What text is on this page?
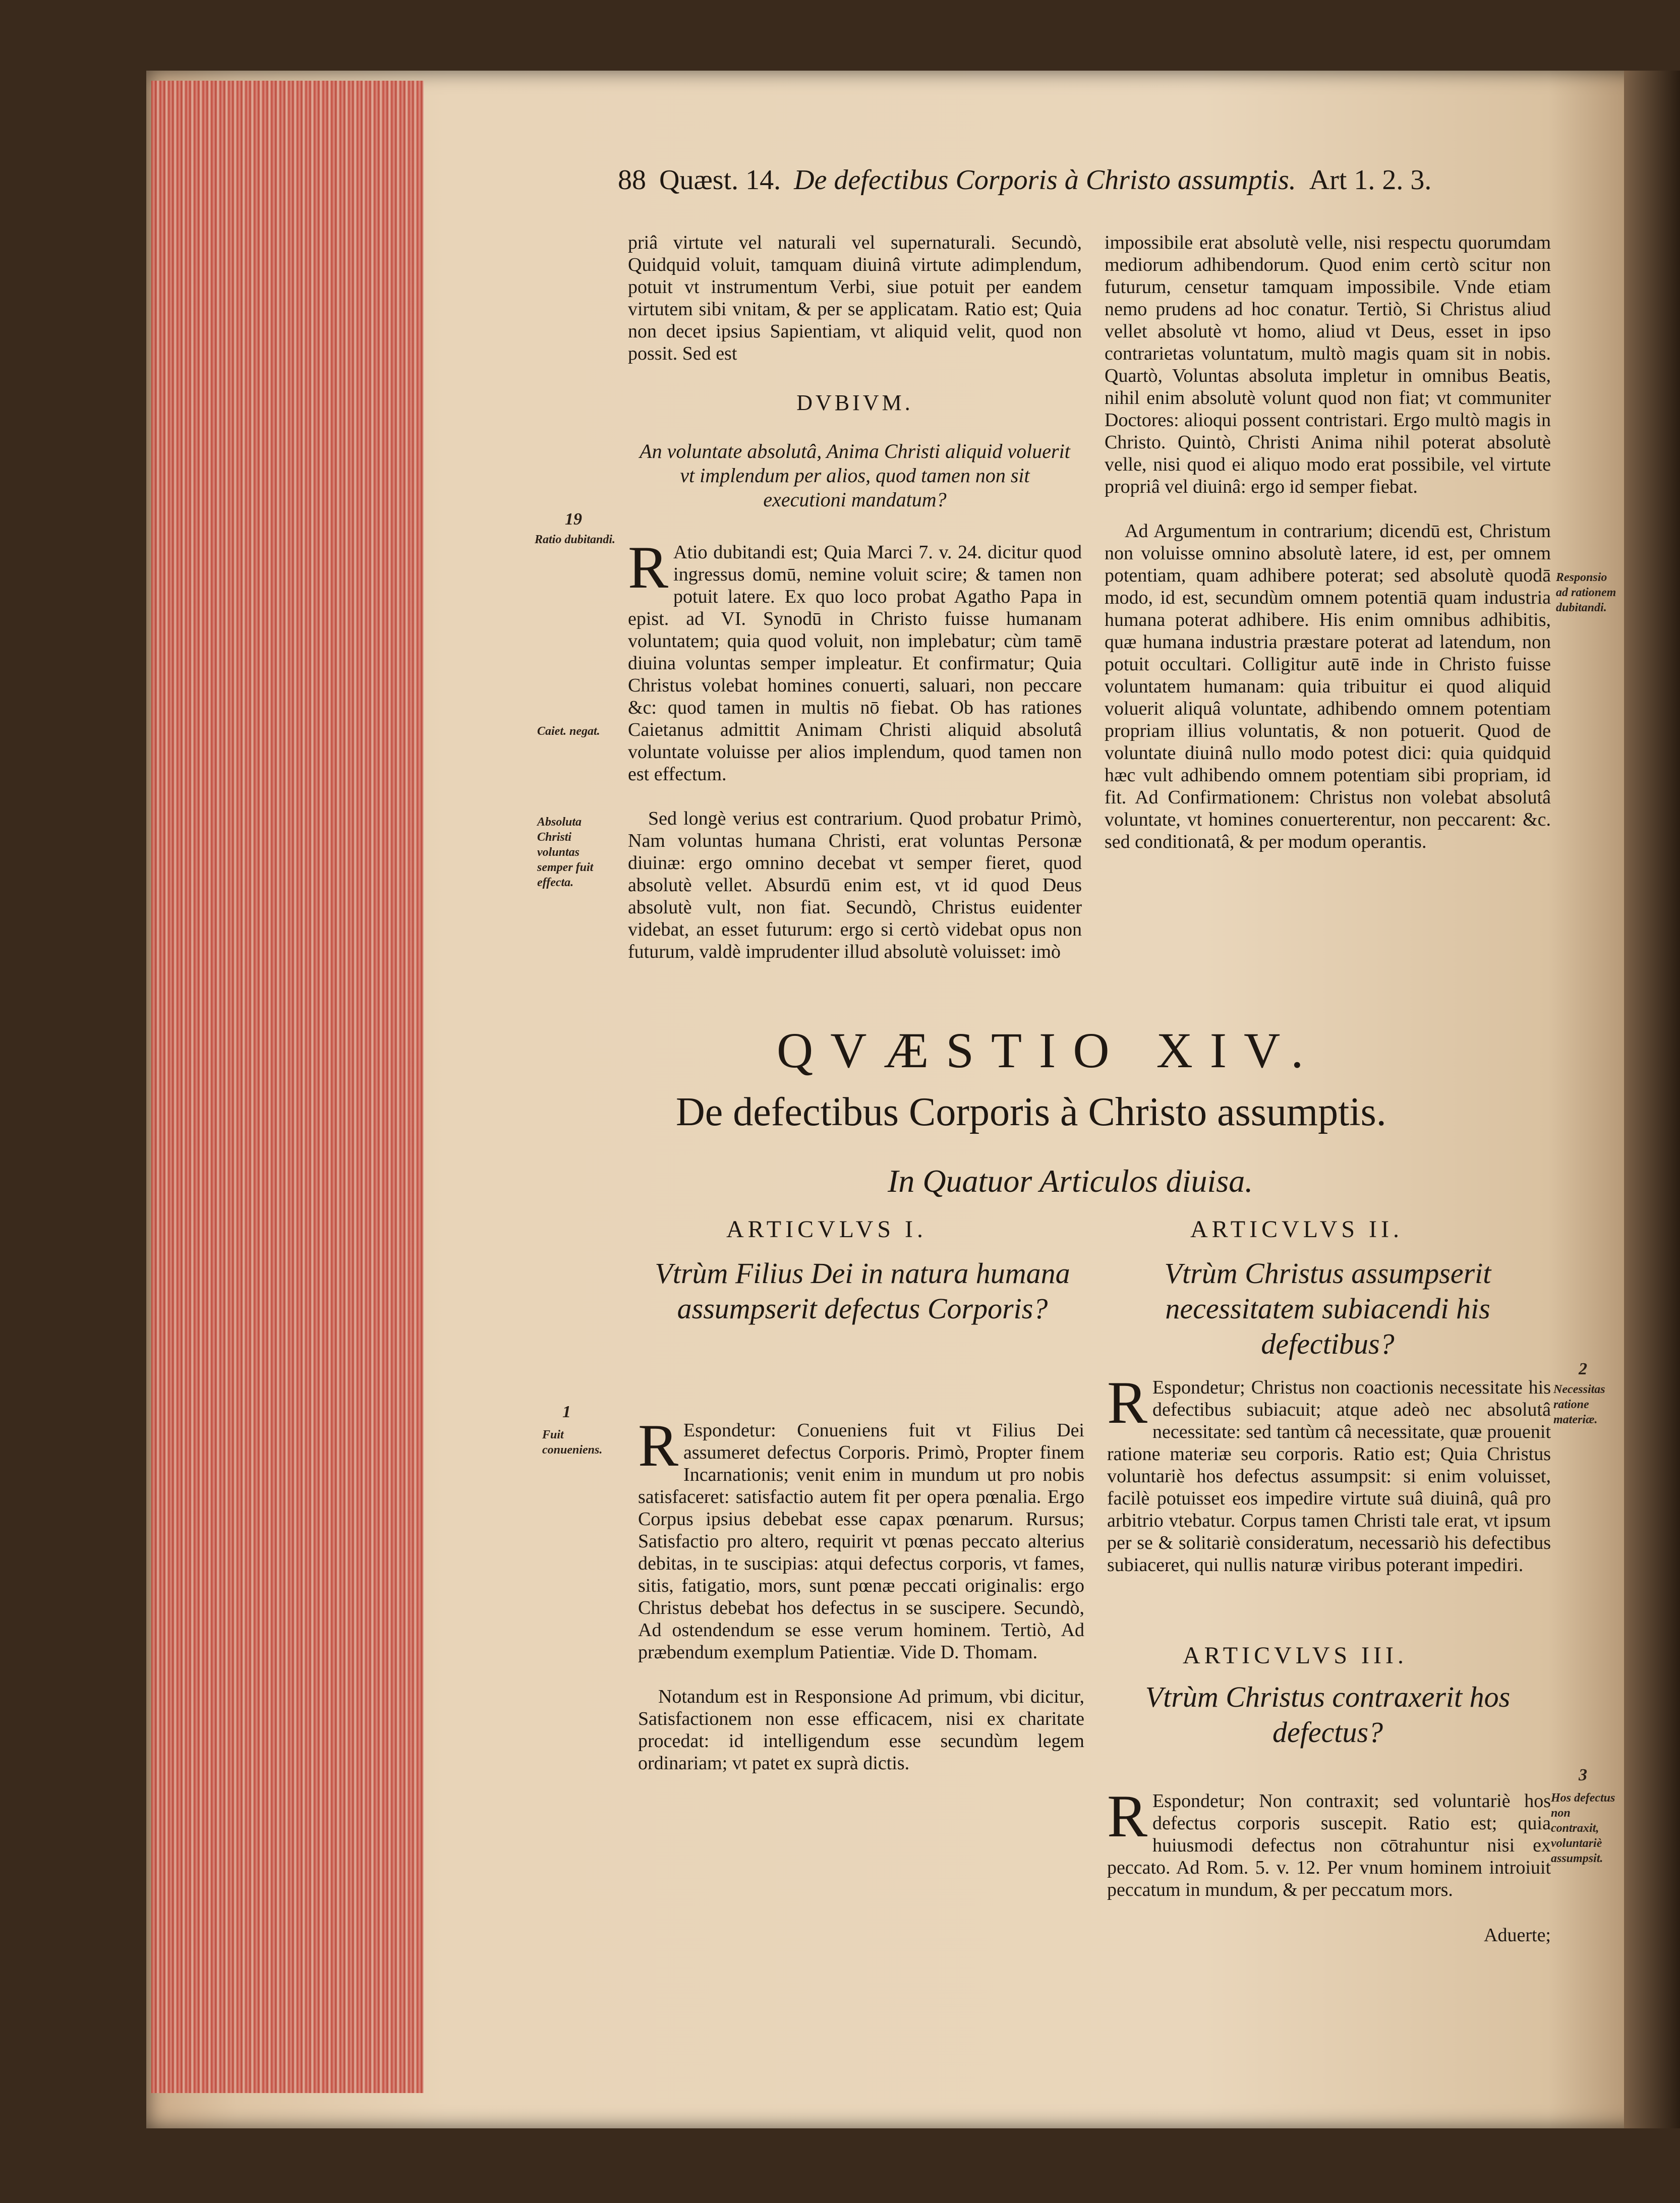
88 Quæst. 14. De defectibus Corporis à Christo assumptis. Art 1. 2. 3.

priâ virtute vel naturali vel supernaturali. Secundò, Quidquid voluit, tamquam diuinâ virtute adimplendum, potuit vt instrumentum Verbi, siue potuit per eandem virtutem sibi vnitam, & per se applicatam. Ratio est; Quia non decet ipsius Sapientiam, vt aliquid velit, quod non possit. Sed est

DVBIVM.

An voluntate absolutâ, Anima Christi aliquid voluerit vt implendum per alios, quod tamen non sit executioni mandatum?

R Atio dubitandi est; Quia Marci 7. v. 24. dicitur quod ingressus domū, nemine voluit scire; & tamen non potuit latere. Ex quo loco probat Agatho Papa in epist. ad VI. Synodū in Christo fuisse humanam voluntatem; quia quod voluit, non implebatur; cùm tamē diuina voluntas semper impleatur. Et confirmatur; Quia Christus volebat homines conuerti, saluari, non peccare &c: quod tamen in multis nō fiebat. Ob has rationes Caietanus admittit Animam Christi aliquid absolutâ voluntate voluisse per alios implendum, quod tamen non est effectum.

Sed longè verius est contrarium. Quod probatur Primò, Nam voluntas humana Christi, erat voluntas Personæ diuinæ: ergo omnino decebat vt semper fieret, quod absolutè vellet. Absurdū enim est, vt id quod Deus absolutè vult, non fiat. Secundò, Christus euidenter videbat, an esset futurum: ergo si certò videbat opus non futurum, valdè imprudenter illud absolutè voluisset: imò

impossibile erat absolutè velle, nisi respectu quorumdam mediorum adhibendorum. Quod enim certò scitur non futurum, censetur tamquam impossibile. Vnde etiam nemo prudens ad hoc conatur. Tertiò, Si Christus aliud vellet absolutè vt homo, aliud vt Deus, esset in ipso contrarietas voluntatum, multò magis quam sit in nobis. Quartò, Voluntas absoluta impletur in omnibus Beatis, nihil enim absolutè volunt quod non fiat; vt communiter Doctores: alioqui possent contristari. Ergo multò magis in Christo. Quintò, Christi Anima nihil poterat absolutè velle, nisi quod ei aliquo modo erat possibile, vel virtute propriâ vel diuinâ: ergo id semper fiebat.

Ad Argumentum in contrarium; dicendū est, Christum non voluisse omnino absolutè latere, id est, per omnem potentiam, quam adhibere poterat; sed absolutè quodā modo, id est, secundùm omnem potentiā quam industria humana poterat adhibere. His enim omnibus adhibitis, quæ humana industria præstare poterat ad latendum, non potuit occultari. Colligitur autē inde in Christo fuisse voluntatem humanam: quia tribuitur ei quod aliquid voluerit aliquâ voluntate, adhibendo omnem potentiam propriam illius voluntatis, & non potuerit. Quod de voluntate diuinâ nullo modo potest dici: quia quidquid hæc vult adhibendo omnem potentiam sibi propriam, id fit. Ad Confirmationem: Christus non volebat absolutâ voluntate, vt homines conuerterentur, non peccarent: &c. sed conditionatâ, & per modum operantis.

19
Ratio dubitandi.
Caiet. negat.
Absoluta Christi voluntas semper fuit effecta.
1
Fuit conueniens.
Responsio ad rationem dubitandi.
2
Necessitas ratione materiæ.
3
Hos defectus non contraxit, voluntariè assumpsit.
QVÆSTIO XIV.
De defectibus Corporis à Christo assumptis.
In Quatuor Articulos diuisa.
ARTICVLVS I.
Vtrùm Filius Dei in natura humana assumpserit defectus Corporis?

R Espondetur: Conueniens fuit vt Filius Dei assumeret defectus Corporis. Primò, Propter finem Incarnationis; venit enim in mundum ut pro nobis satisfaceret: satisfactio autem fit per opera pœnalia. Ergo Corpus ipsius debebat esse capax pœnarum. Rursus; Satisfactio pro altero, requirit vt pœnas peccato alterius debitas, in te suscipias: atqui defectus corporis, vt fames, sitis, fatigatio, mors, sunt pœnæ peccati originalis: ergo Christus debebat hos defectus in se suscipere. Secundò, Ad ostendendum se esse verum hominem. Tertiò, Ad præbendum exemplum Patientiæ. Vide D. Thomam.

Notandum est in Responsione Ad primum, vbi dicitur, Satisfactionem non esse efficacem, nisi ex charitate procedat: id intelligendum esse secundùm legem ordinariam; vt patet ex suprà dictis.

ARTICVLVS II.
Vtrùm Christus assumpserit necessitatem subiacendi his defectibus?

R Espondetur; Christus non coactionis necessitate his defectibus subiacuit; atque adeò nec absolutâ necessitate: sed tantùm câ necessitate, quæ prouenit ratione materiæ seu corporis. Ratio est; Quia Christus voluntariè hos defectus assumpsit: si enim voluisset, facilè potuisset eos impedire virtute suâ diuinâ, quâ pro arbitrio vtebatur. Corpus tamen Christi tale erat, vt ipsum per se & solitariè consideratum, necessariò his defectibus subiaceret, qui nullis naturæ viribus poterant impediri.

ARTICVLVS III.
Vtrùm Christus contraxerit hos defectus?

R Espondetur; Non contraxit; sed voluntariè hos defectus corporis suscepit. Ratio est; quia huiusmodi defectus non cōtrahuntur nisi ex peccato. Ad Rom. 5. v. 12. Per vnum hominem introiuit peccatum in mundum, & per peccatum mors.

Aduerte;
